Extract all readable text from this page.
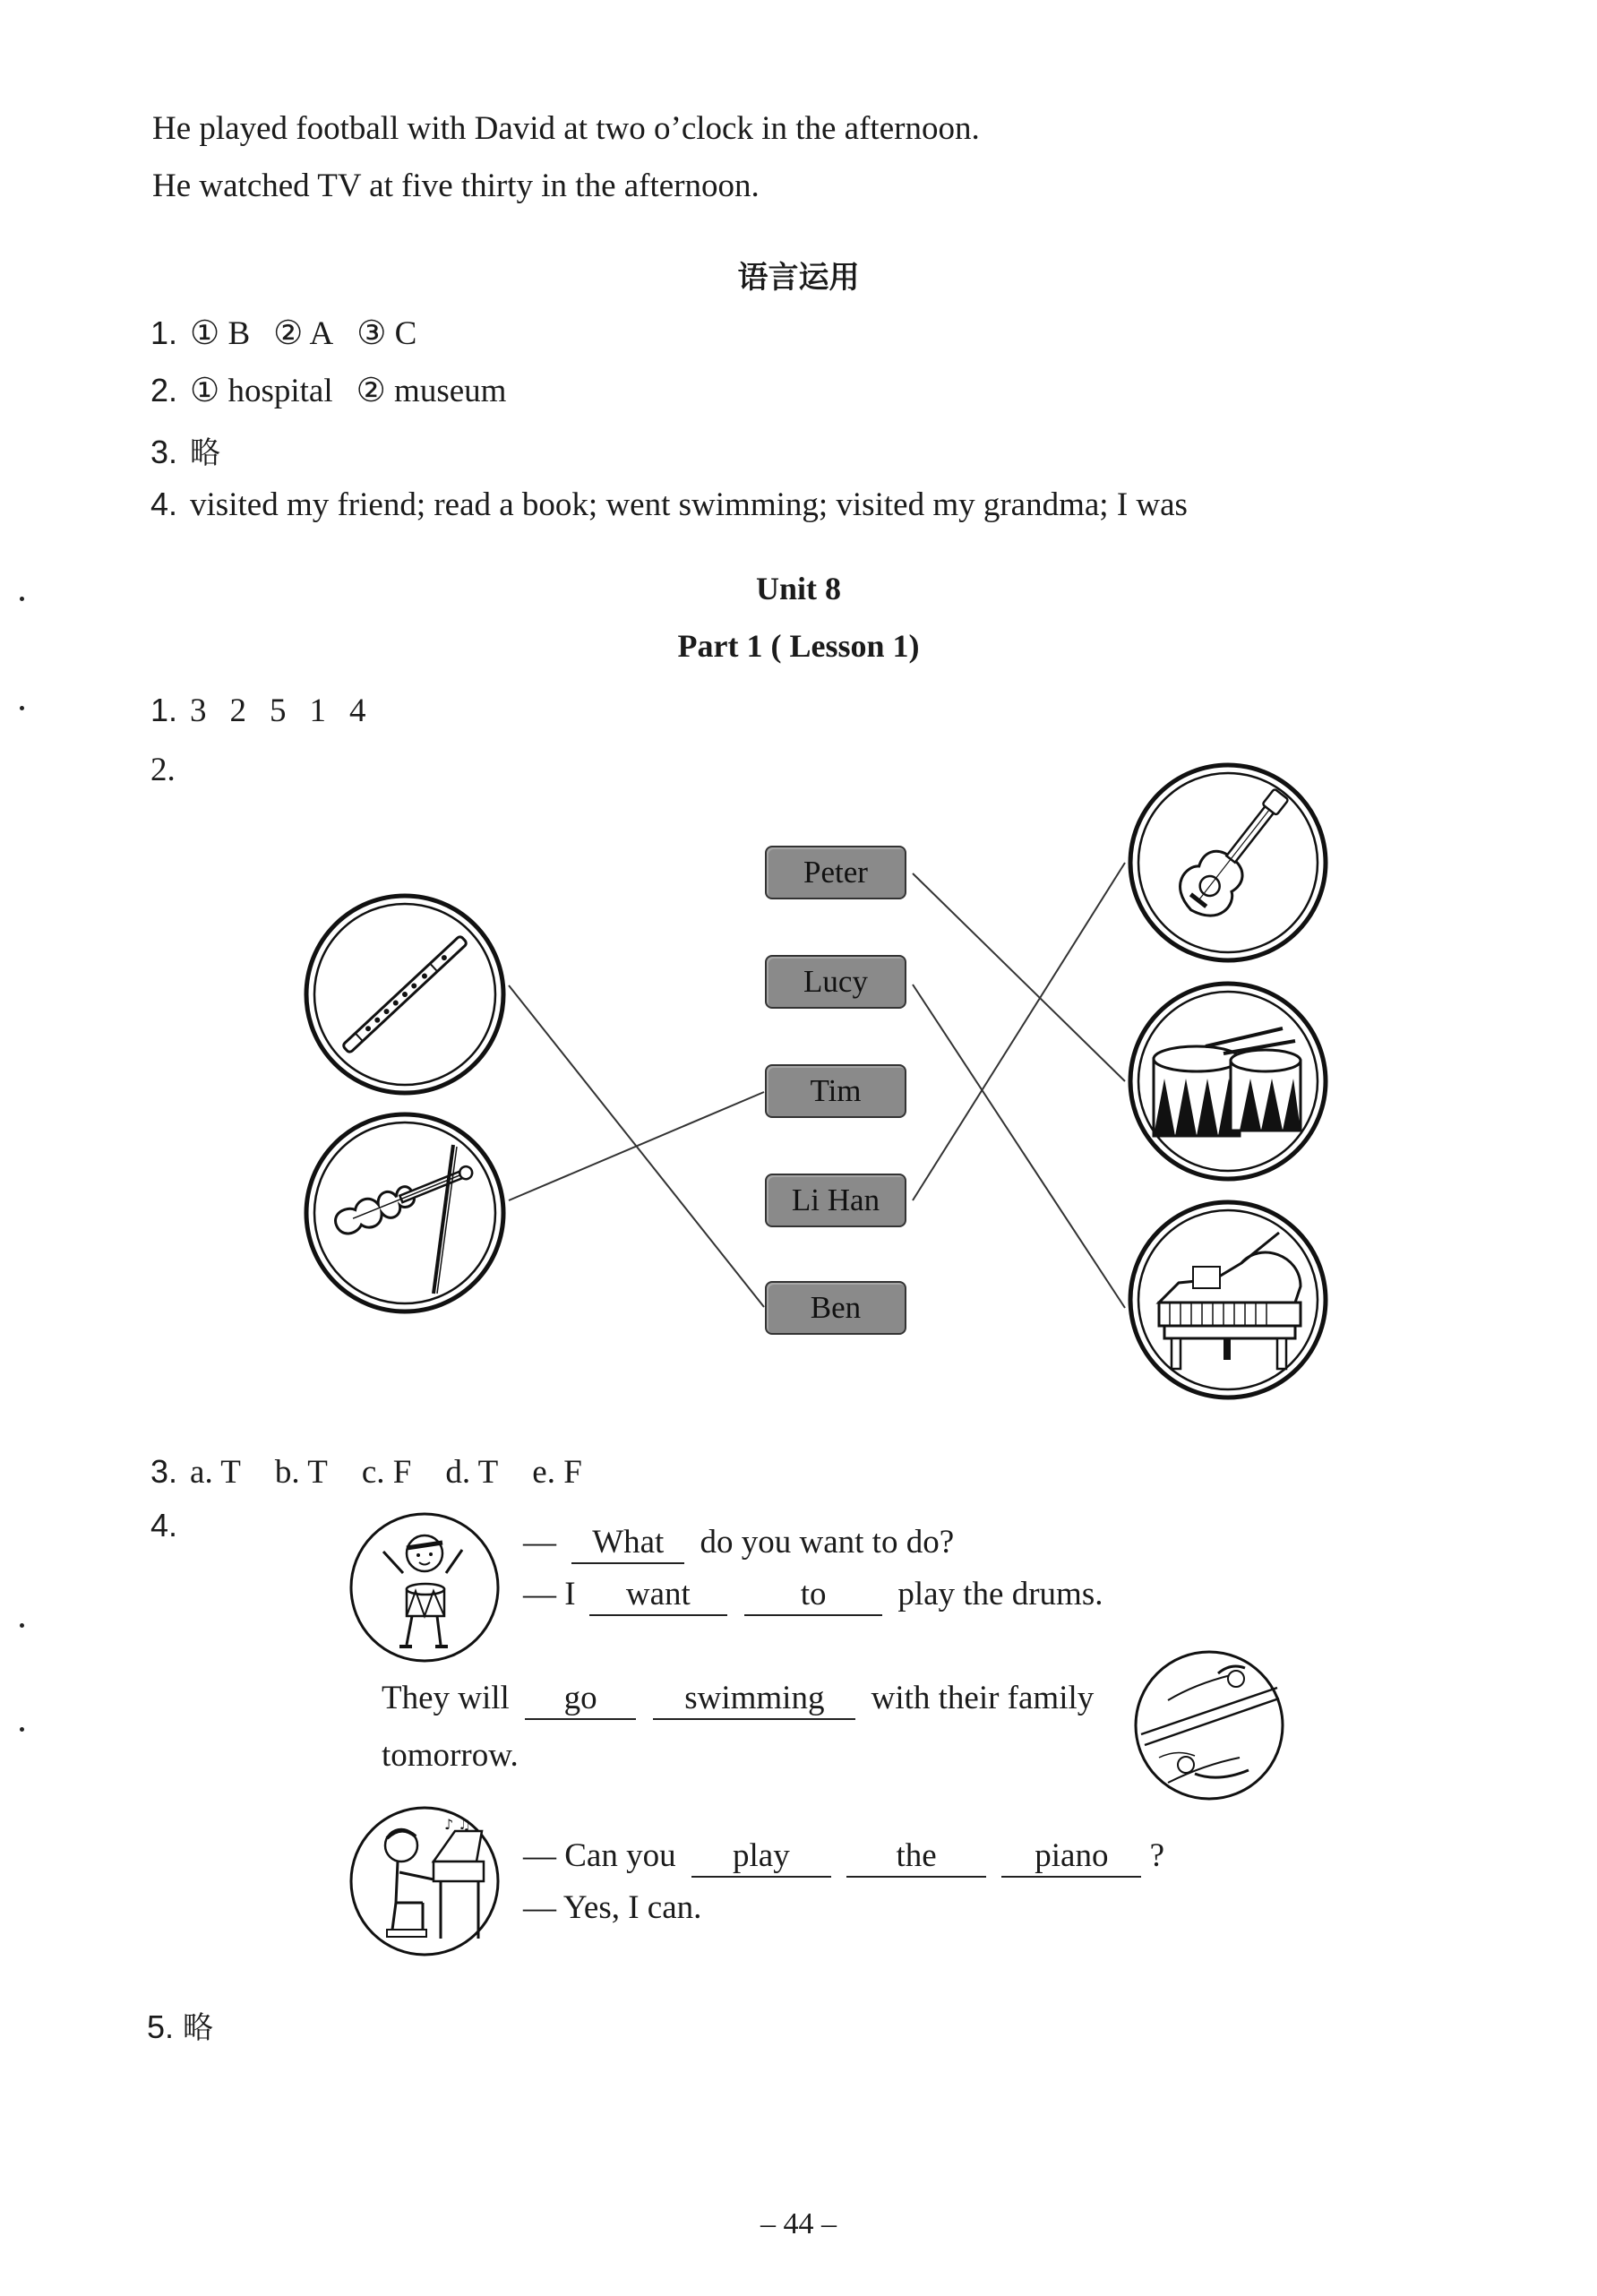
He played football with David at two o’clock in the afternoon.
He watched TV at five thirty in the afternoon.
语言运用
1. ① B ② A ③ C
2. ① hospital ② museum
3. 略
4. visited my friend; read a book; went swimming; visited my grandma; I was
Unit 8
Part 1 ( Lesson 1)
1. 3 2 5 1 4
2.
Peter
Lucy
Tim
Li Han
Ben
3. a. T b. T c. F d. T e. F
4.	— What do you want to do?
— I want	to play the drums.
They will go	swimming with their family
tomorrow.
♪ ♫
— Can you play	the	piano ?
— Yes, I can.
5. 略
– 44 –
